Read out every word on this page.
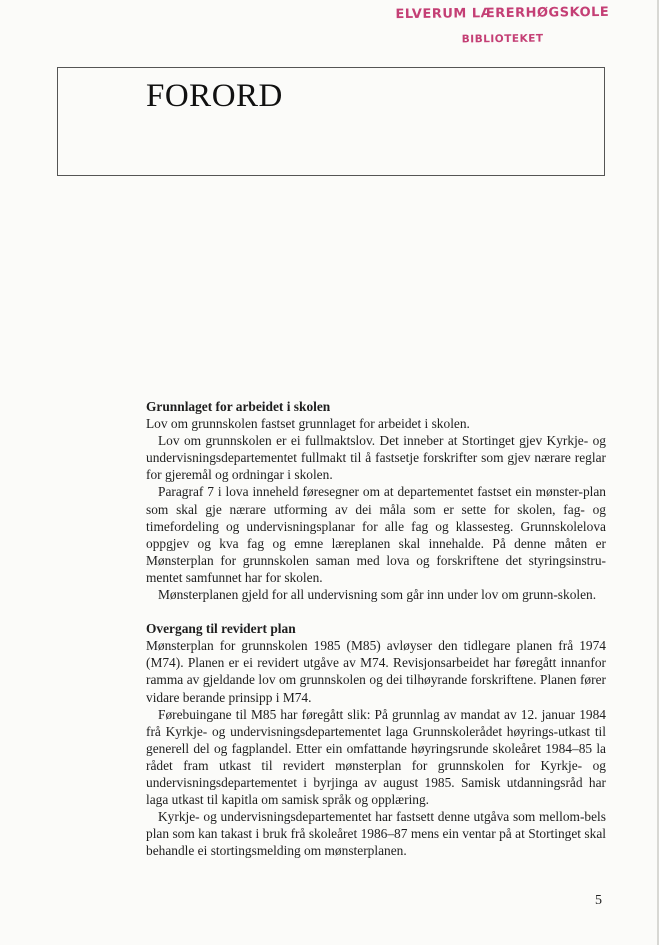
ELVERUM LÆRERHØGSKOLE
BIBLIOTEKET
FORORD
Grunnlaget for arbeidet i skolen

Lov om grunnskolen fastset grunnlaget for arbeidet i skolen.

Lov om grunnskolen er ei fullmaktslov. Det inneber at Stortinget gjev Kyrkje- og undervisningsdepartementet fullmakt til å fastsetje forskrifter som gjev nærare reglar for gjeremål og ordningar i skolen.

Paragraf 7 i lova inneheld føresegner om at departementet fastset ein mønster-plan som skal gje nærare utforming av dei måla som er sette for skolen, fag- og timefordeling og undervisningsplanar for alle fag og klassesteg. Grunnskolelova oppgjev og kva fag og emne læreplanen skal innehalde. På denne måten er Mønsterplan for grunnskolen saman med lova og forskriftene det styringsinstru-mentet samfunnet har for skolen.

Mønsterplanen gjeld for all undervisning som går inn under lov om grunn-skolen.

Overgang til revidert plan

Mønsterplan for grunnskolen 1985 (M85) avløyser den tidlegare planen frå 1974 (M74). Planen er ei revidert utgåve av M74. Revisjonsarbeidet har føregått innanfor ramma av gjeldande lov om grunnskolen og dei tilhøyrande forskriftene. Planen fører vidare berande prinsipp i M74.

Førebuingane til M85 har føregått slik: På grunnlag av mandat av 12. januar 1984 frå Kyrkje- og undervisningsdepartementet laga Grunnskolerådet høyrings-utkast til generell del og fagplandel. Etter ein omfattande høyringsrunde skoleåret 1984–85 la rådet fram utkast til revidert mønsterplan for grunnskolen for Kyrkje- og undervisningsdepartementet i byrjinga av august 1985. Samisk utdanningsråd har laga utkast til kapitla om samisk språk og opplæring.

Kyrkje- og undervisningsdepartementet har fastsett denne utgåva som mellom-bels plan som kan takast i bruk frå skoleåret 1986–87 mens ein ventar på at Stortinget skal behandle ei stortingsmelding om mønsterplanen.

5
